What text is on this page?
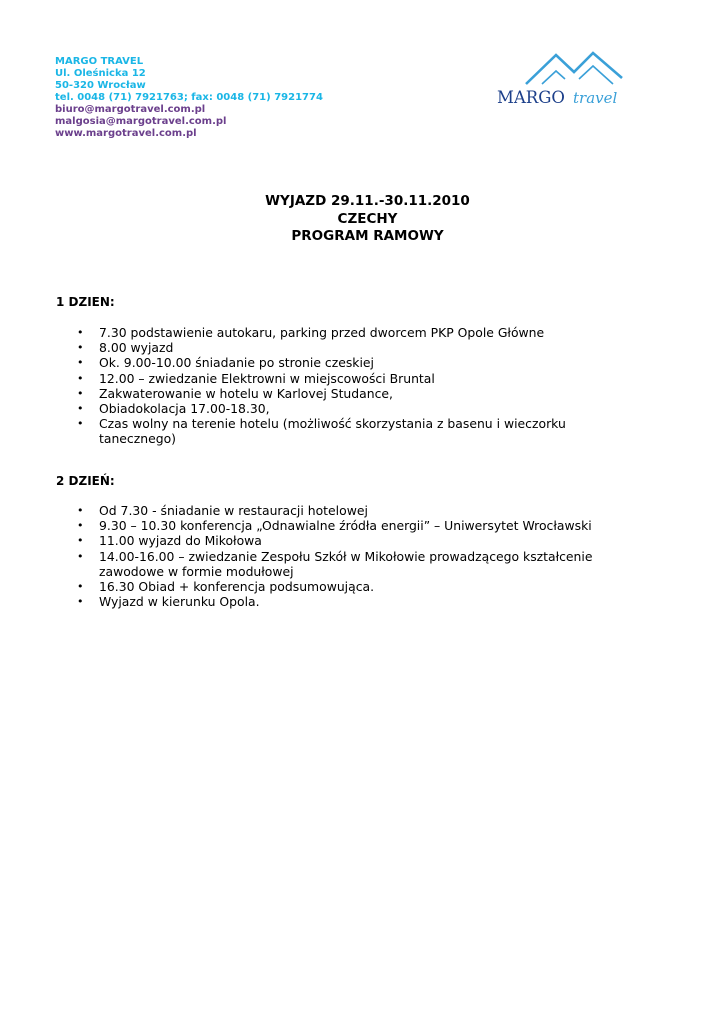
MARGO TRAVEL
Ul. Oleśnicka 12
50-320 Wrocław
tel. 0048 (71) 7921763; fax: 0048 (71) 7921774
biuro@margotravel.com.pl
malgosia@margotravel.com.pl
www.margotravel.com.pl
MARGO travel
WYJAZD 29.11.-30.11.2010
CZECHY
PROGRAM RAMOWY
1 DZIEN:
•	7.30 podstawienie autokaru, parking przed dworcem PKP Opole Główne
•	8.00 wyjazd
•	Ok. 9.00-10.00 śniadanie po stronie czeskiej
•	12.00 – zwiedzanie Elektrowni w miejscowości Bruntal
•	Zakwaterowanie w hotelu w Karlovej Studance,
•	Obiadokolacja 17.00-18.30,
•	Czas wolny na terenie hotelu (możliwość skorzystania z basenu i wieczorku tanecznego)
2 DZIEŃ:
•	Od 7.30 - śniadanie w restauracji hotelowej
•	9.30 – 10.30 konferencja „Odnawialne źródła energii” – Uniwersytet Wrocławski
•	11.00 wyjazd do Mikołowa
•	14.00-16.00 – zwiedzanie Zespołu Szkół w Mikołowie prowadzącego kształcenie zawodowe w formie modułowej
•	16.30 Obiad + konferencja podsumowująca.
•	Wyjazd w kierunku Opola.
